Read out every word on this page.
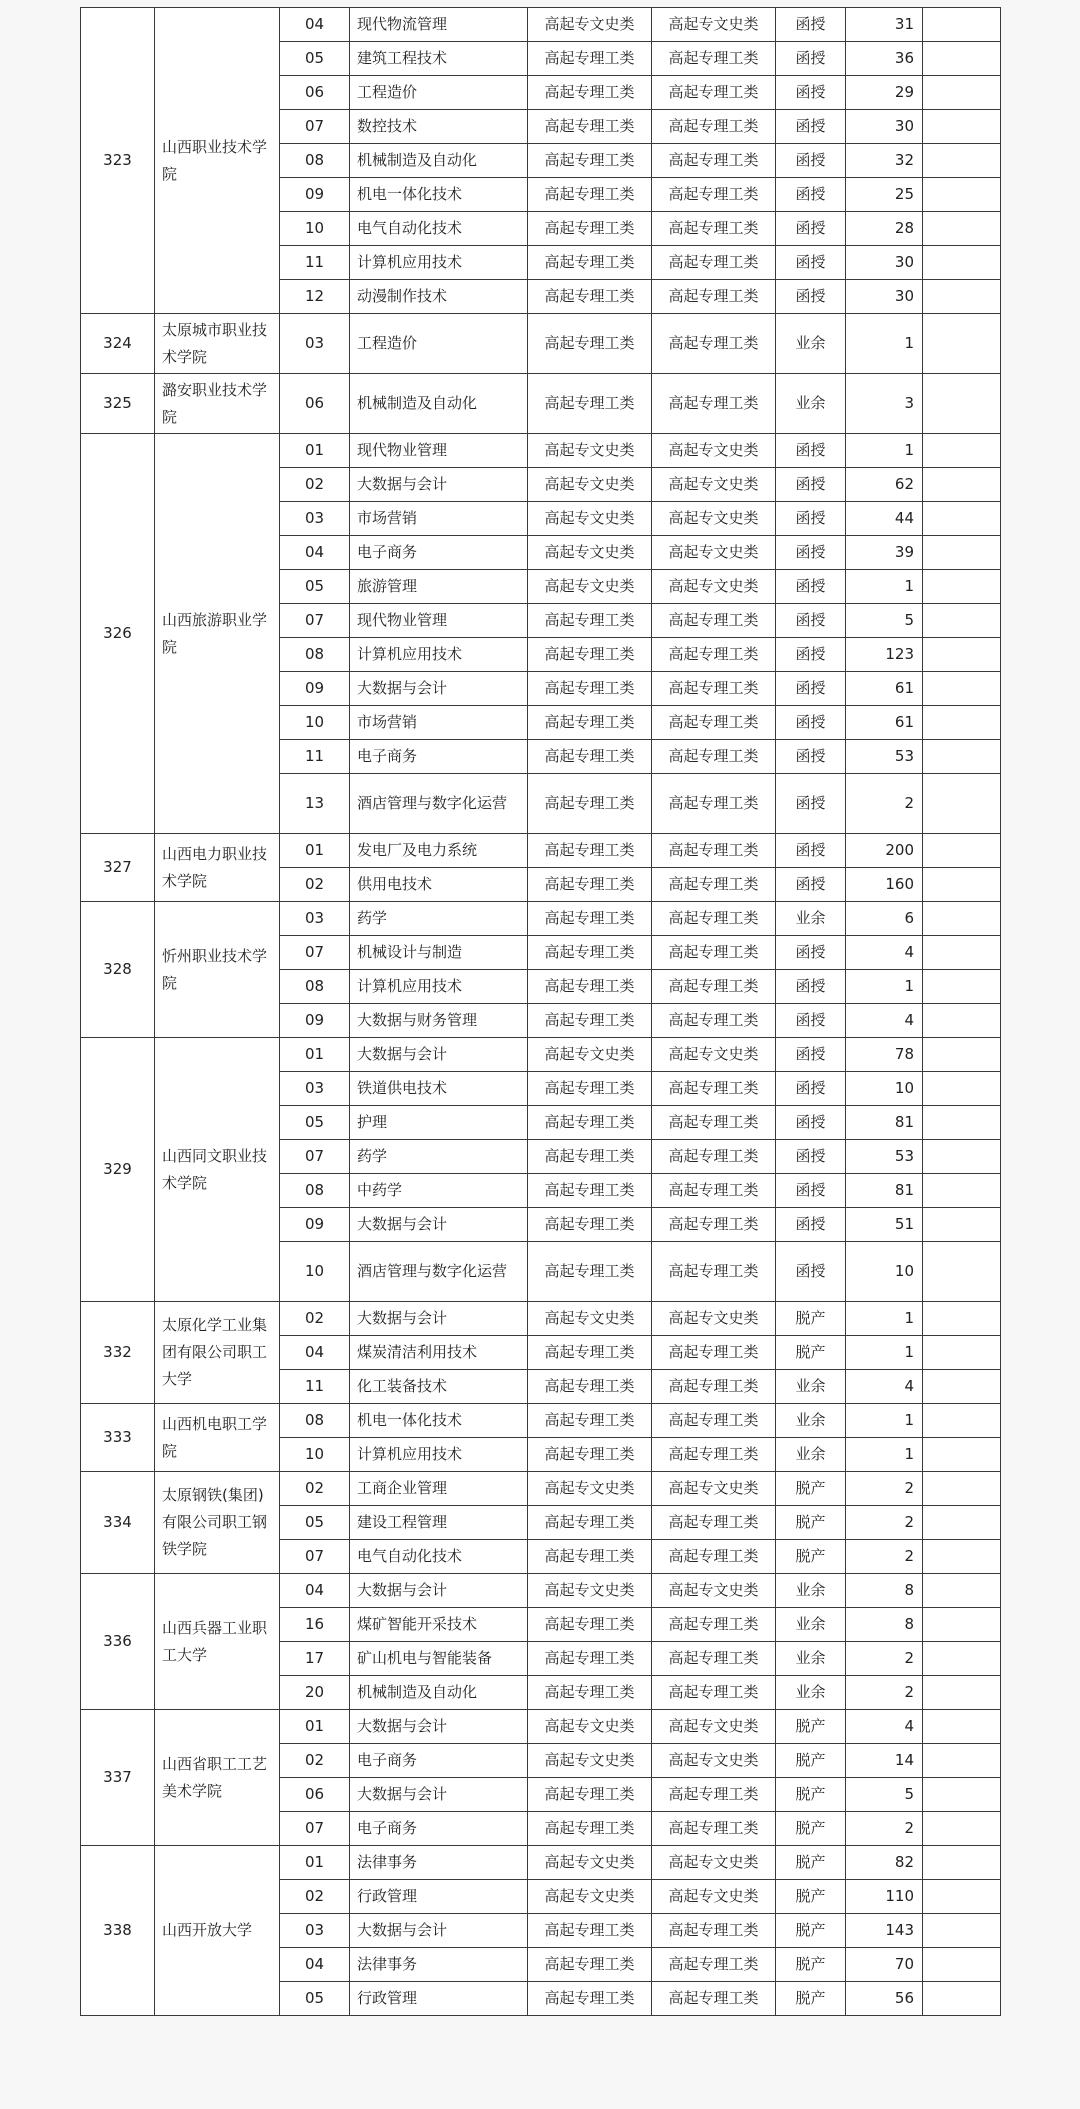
323	山西职业技术学院	04	现代物流管理	高起专文史类	高起专文史类	函授	31	
		05	建筑工程技术	高起专理工类	高起专理工类	函授	36	
		06	工程造价	高起专理工类	高起专理工类	函授	29	
		07	数控技术	高起专理工类	高起专理工类	函授	30	
		08	机械制造及自动化	高起专理工类	高起专理工类	函授	32	
		09	机电一体化技术	高起专理工类	高起专理工类	函授	25	
		10	电气自动化技术	高起专理工类	高起专理工类	函授	28	
		11	计算机应用技术	高起专理工类	高起专理工类	函授	30	
		12	动漫制作技术	高起专理工类	高起专理工类	函授	30	
324	太原城市职业技术学院	03	工程造价	高起专理工类	高起专理工类	业余	1	
325	潞安职业技术学院	06	机械制造及自动化	高起专理工类	高起专理工类	业余	3	
326	山西旅游职业学院	01	现代物业管理	高起专文史类	高起专文史类	函授	1	
		02	大数据与会计	高起专文史类	高起专文史类	函授	62	
		03	市场营销	高起专文史类	高起专文史类	函授	44	
		04	电子商务	高起专文史类	高起专文史类	函授	39	
		05	旅游管理	高起专文史类	高起专文史类	函授	1	
		07	现代物业管理	高起专理工类	高起专理工类	函授	5	
		08	计算机应用技术	高起专理工类	高起专理工类	函授	123	
		09	大数据与会计	高起专理工类	高起专理工类	函授	61	
		10	市场营销	高起专理工类	高起专理工类	函授	61	
		11	电子商务	高起专理工类	高起专理工类	函授	53	
		13	酒店管理与数字化运营	高起专理工类	高起专理工类	函授	2	
327	山西电力职业技术学院	01	发电厂及电力系统	高起专理工类	高起专理工类	函授	200	
		02	供用电技术	高起专理工类	高起专理工类	函授	160	
328	忻州职业技术学院	03	药学	高起专理工类	高起专理工类	业余	6	
		07	机械设计与制造	高起专理工类	高起专理工类	函授	4	
		08	计算机应用技术	高起专理工类	高起专理工类	函授	1	
		09	大数据与财务管理	高起专理工类	高起专理工类	函授	4	
329	山西同文职业技术学院	01	大数据与会计	高起专文史类	高起专文史类	函授	78	
		03	铁道供电技术	高起专理工类	高起专理工类	函授	10	
		05	护理	高起专理工类	高起专理工类	函授	81	
		07	药学	高起专理工类	高起专理工类	函授	53	
		08	中药学	高起专理工类	高起专理工类	函授	81	
		09	大数据与会计	高起专理工类	高起专理工类	函授	51	
		10	酒店管理与数字化运营	高起专理工类	高起专理工类	函授	10	
332	太原化学工业集团有限公司职工大学	02	大数据与会计	高起专文史类	高起专文史类	脱产	1	
		04	煤炭清洁利用技术	高起专理工类	高起专理工类	脱产	1	
		11	化工装备技术	高起专理工类	高起专理工类	业余	4	
333	山西机电职工学院	08	机电一体化技术	高起专理工类	高起专理工类	业余	1	
		10	计算机应用技术	高起专理工类	高起专理工类	业余	1	
334	太原钢铁(集团)有限公司职工钢铁学院	02	工商企业管理	高起专文史类	高起专文史类	脱产	2	
		05	建设工程管理	高起专理工类	高起专理工类	脱产	2	
		07	电气自动化技术	高起专理工类	高起专理工类	脱产	2	
336	山西兵器工业职工大学	04	大数据与会计	高起专文史类	高起专文史类	业余	8	
		16	煤矿智能开采技术	高起专理工类	高起专理工类	业余	8	
		17	矿山机电与智能装备	高起专理工类	高起专理工类	业余	2	
		20	机械制造及自动化	高起专理工类	高起专理工类	业余	2	
337	山西省职工工艺美术学院	01	大数据与会计	高起专文史类	高起专文史类	脱产	4	
		02	电子商务	高起专文史类	高起专文史类	脱产	14	
		06	大数据与会计	高起专理工类	高起专理工类	脱产	5	
		07	电子商务	高起专理工类	高起专理工类	脱产	2	
338	山西开放大学	01	法律事务	高起专文史类	高起专文史类	脱产	82	
		02	行政管理	高起专文史类	高起专文史类	脱产	110	
		03	大数据与会计	高起专理工类	高起专理工类	脱产	143	
		04	法律事务	高起专理工类	高起专理工类	脱产	70	
		05	行政管理	高起专理工类	高起专理工类	脱产	56	
